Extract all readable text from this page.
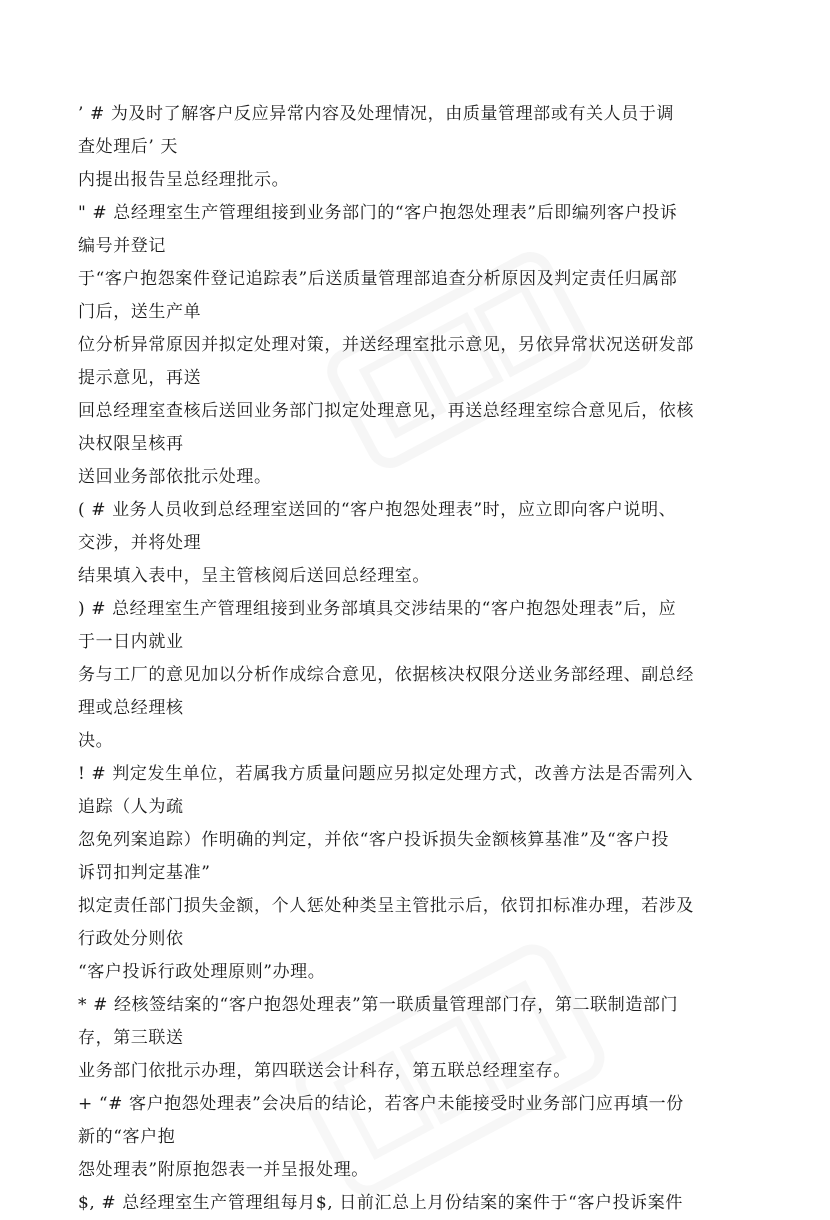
’ # 为及时了解客户反应异常内容及处理情况，由质量管理部或有关人员于调
查处理后’ 天
内提出报告呈总经理批示。
" # 总经理室生产管理组接到业务部门的“客户抱怨处理表”后即编列客户投诉
编号并登记
于“客户抱怨案件登记追踪表”后送质量管理部追查分析原因及判定责任归属部
门后，送生产单
位分析异常原因并拟定处理对策，并送经理室批示意见，另依异常状况送研发部
提示意见，再送
回总经理室查核后送回业务部门拟定处理意见，再送总经理室综合意见后，依核
决权限呈核再
送回业务部依批示处理。
( # 业务人员收到总经理室送回的“客户抱怨处理表”时，应立即向客户说明、
交涉，并将处理
结果填入表中，呈主管核阅后送回总经理室。
) # 总经理室生产管理组接到业务部填具交涉结果的“客户抱怨处理表”后，应
于一日内就业
务与工厂的意见加以分析作成综合意见，依据核决权限分送业务部经理、副总经
理或总经理核
决。
! # 判定发生单位，若属我方质量问题应另拟定处理方式，改善方法是否需列入
追踪（人为疏
忽免列案追踪）作明确的判定，并依“客户投诉损失金额核算基准”及“客户投
诉罚扣判定基准”
拟定责任部门损失金额，个人惩处种类呈主管批示后，依罚扣标准办理，若涉及
行政处分则依
“客户投诉行政处理原则”办理。
* # 经核签结案的“客户抱怨处理表”第一联质量管理部门存，第二联制造部门
存，第三联送
业务部门依批示办理，第四联送会计科存，第五联总经理室存。
+ “# 客户抱怨处理表”会决后的结论，若客户未能接受时业务部门应再填一份
新的“客户抱
怨处理表”附原抱怨表一并呈报处理。
$, # 总经理室生产管理组每月$, 日前汇总上月份结案的案件于“客户投诉案件
